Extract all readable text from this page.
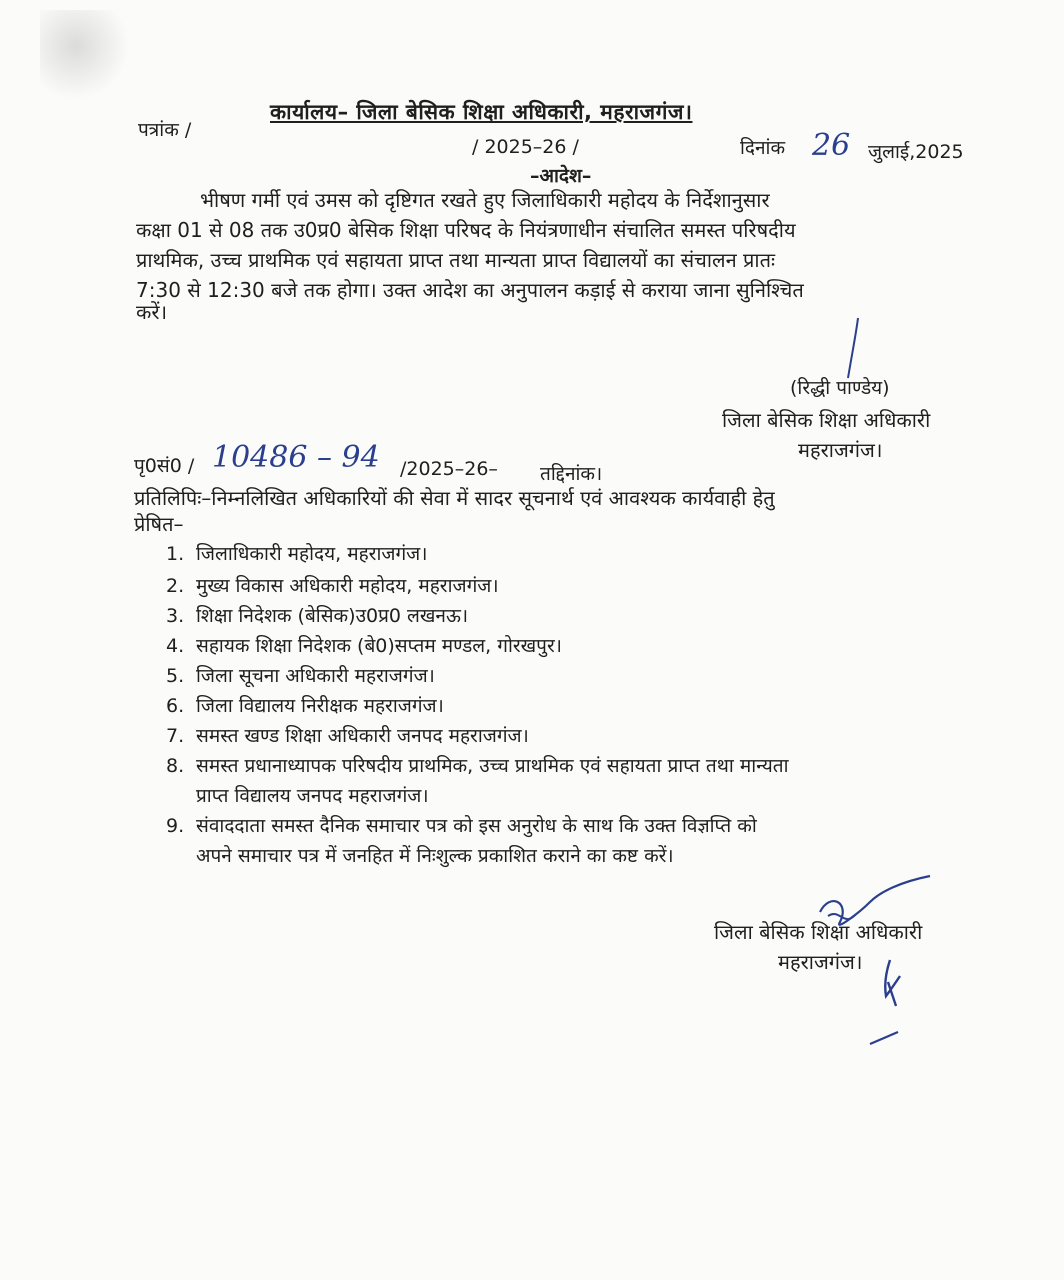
कार्यालय– जिला बेसिक शिक्षा अधिकारी, महराजगंज।
पत्रांक /
/ 2025–26 /	दिनांक 26 जुलाई,2025
–आदेश–
भीषण गर्मी एवं उमस को दृष्टिगत रखते हुए जिलाधिकारी महोदय के निर्देशानुसार
कक्षा 01 से 08 तक उ0प्र0 बेसिक शिक्षा परिषद के नियंत्रणाधीन संचालित समस्त परिषदीय
प्राथमिक, उच्च प्राथमिक एवं सहायता प्राप्त तथा मान्यता प्राप्त विद्यालयों का संचालन प्रातः
7:30 से 12:30 बजे तक होगा। उक्त आदेश का अनुपालन कड़ाई से कराया जाना सुनिश्चित
करें।
(रिद्धी पाण्डेय)
जिला बेसिक शिक्षा अधिकारी
महराजगंज।
पृ0सं0 / 10486 – 94 /2025–26– तद्दिनांक।
प्रतिलिपिः–निम्नलिखित अधिकारियों की सेवा में सादर सूचनार्थ एवं आवश्यक कार्यवाही हेतु
प्रेषित–
1. जिलाधिकारी महोदय, महराजगंज।
2. मुख्य विकास अधिकारी महोदय, महराजगंज।
3. शिक्षा निदेशक (बेसिक)उ0प्र0 लखनऊ।
4. सहायक शिक्षा निदेशक (बे0)सप्तम मण्डल, गोरखपुर।
5. जिला सूचना अधिकारी महराजगंज।
6. जिला विद्यालय निरीक्षक महराजगंज।
7. समस्त खण्ड शिक्षा अधिकारी जनपद महराजगंज।
8. समस्त प्रधानाध्यापक परिषदीय प्राथमिक, उच्च प्राथमिक एवं सहायता प्राप्त तथा मान्यता
प्राप्त विद्यालय जनपद महराजगंज।
9. संवाददाता समस्त दैनिक समाचार पत्र को इस अनुरोध के साथ कि उक्त विज्ञप्ति को
अपने समाचार पत्र में जनहित में निःशुल्क प्रकाशित कराने का कष्ट करें।
जिला बेसिक शिक्षा अधिकारी
महराजगंज।
